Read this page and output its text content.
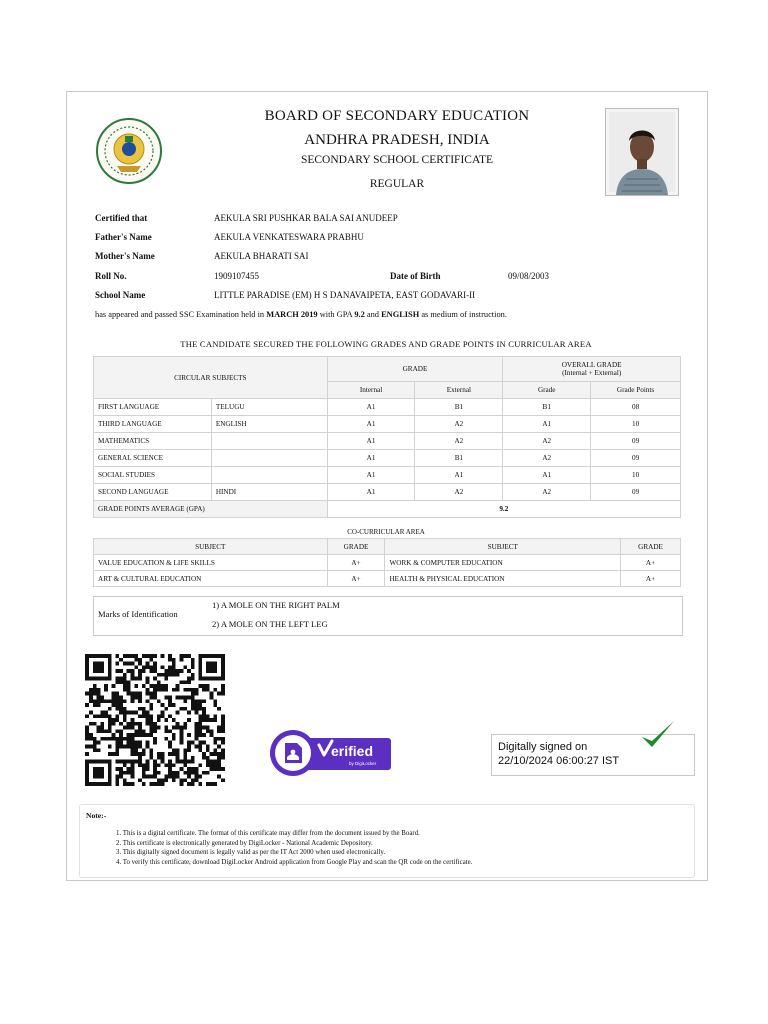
BOARD OF SECONDARY EDUCATION
ANDHRA PRADESH, INDIA
SECONDARY SCHOOL CERTIFICATE
REGULAR
Certified that	AEKULA SRI PUSHKAR BALA SAI ANUDEEP
Father's Name	AEKULA VENKATESWARA PRABHU
Mother's Name	AEKULA BHARATI SAI
Roll No.	1909107455	Date of Birth	09/08/2003
School Name	LITTLE PARADISE (EM) H S DANAVAIPETA, EAST GODAVARI-II
has appeared and passed SSC Examination held in MARCH 2019 with GPA 9.2 and ENGLISH as medium of instruction.
THE CANDIDATE SECURED THE FOLLOWING GRADES AND GRADE POINTS IN CURRICULAR AREA
CIRCULAR SUBJECTS		GRADE		OVERALL GRADE
(Internal + External)	

		Internal	External	Grade	Grade Points
FIRST LANGUAGE	TELUGU	A1	B1	B1	08
THIRD LANGUAGE	ENGLISH	A1	A2	A1	10
MATHEMATICS		A1	A2	A2	09
GENERAL SCIENCE		A1	B1	A2	09
SOCIAL STUDIES		A1	A1	A1	10
SECOND LANGUAGE	HINDI	A1	A2	A2	09
GRADE POINTS AVERAGE (GPA)		9.2			
CO-CURRICULAR AREA
SUBJECT	GRADE	SUBJECT	GRADE
VALUE EDUCATION & LIFE SKILLS	A+	WORK & COMPUTER EDUCATION	A+
ART & CULTURAL EDUCATION	A+	HEALTH & PHYSICAL EDUCATION	A+
Marks of Identification
1) A MOLE ON THE RIGHT PALM
2) A MOLE ON THE LEFT LEG
erified
by DigiLocker
Digitally signed on
22/10/2024 06:00:27 IST
Note:-
1. This is a digital certificate. The format of this certificate may differ from the document issued by the Board.
2. This certificate is electronically generated by DigiLocker - National Academic Depository.
3. This digitally signed document is legally valid as per the IT Act 2000 when used electronically.
4. To verify this certificate, download DigiLocker Android application from Google Play and scan the QR code on the certificate.
